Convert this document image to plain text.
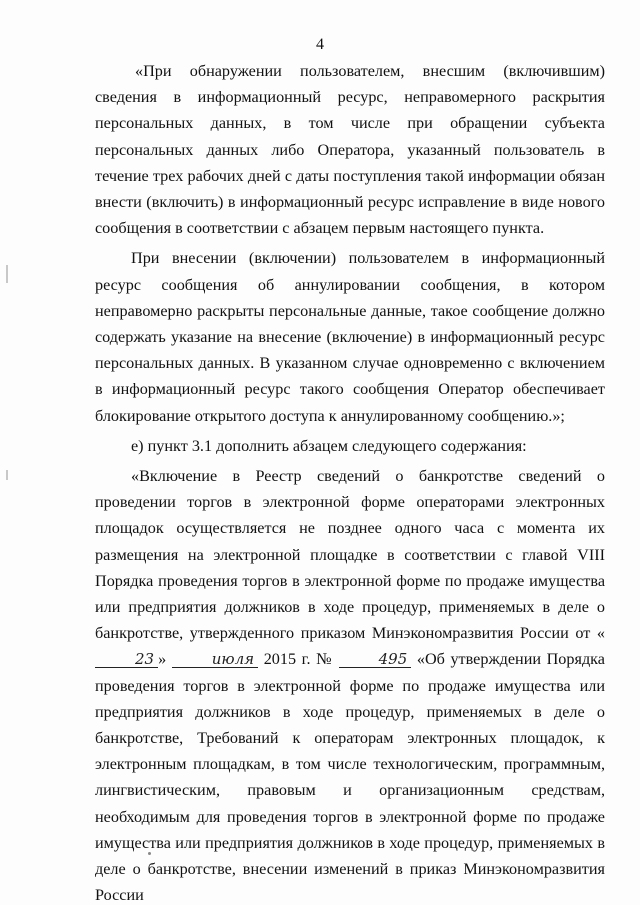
4

«При обнаружении пользователем, внесшим (включившим) сведения в информационный ресурс, неправомерного раскрытия персональных данных, в том числе при обращении субъекта персональных данных либо Оператора, указанный пользователь в течение трех рабочих дней с даты поступления такой информации обязан внести (включить) в информационный ресурс исправление в виде нового сообщения в соответствии с абзацем первым настоящего пункта.

При внесении (включении) пользователем в информационный ресурс сообщения об аннулировании сообщения, в котором неправомерно раскрыты персональные данные, такое сообщение должно содержать указание на внесение (включение) в информационный ресурс персональных данных. В указанном случае одновременно с включением в информационный ресурс такого сообщения Оператор обеспечивает блокирование открытого доступа к аннулированному сообщению.»;

е) пункт 3.1 дополнить абзацем следующего содержания:

«Включение в Реестр сведений о банкротстве сведений о проведении торгов в электронной форме операторами электронных площадок осуществляется не позднее одного часа с момента их размещения на электронной площадке в соответствии с главой VIII Порядка проведения торгов в электронной форме по продаже имущества или предприятия должников в ходе процедур, применяемых в деле о банкротстве, утвержденного приказом Минэкономразвития России от «23 »	июля 2015 г. №	495 «Об утверждении Порядка проведения торгов в электронной форме по продаже имущества или предприятия должников в ходе процедур, применяемых в деле о банкротстве, Требований к операторам электронных площадок, к электронным площадкам, в том числе технологическим, программным, лингвистическим, правовым и организационным средствам, необходимым для проведения торгов в электронной форме по продаже имущества или предприятия должников в ходе процедур, применяемых в деле о банкротстве, внесении изменений в приказ Минэкономразвития России
